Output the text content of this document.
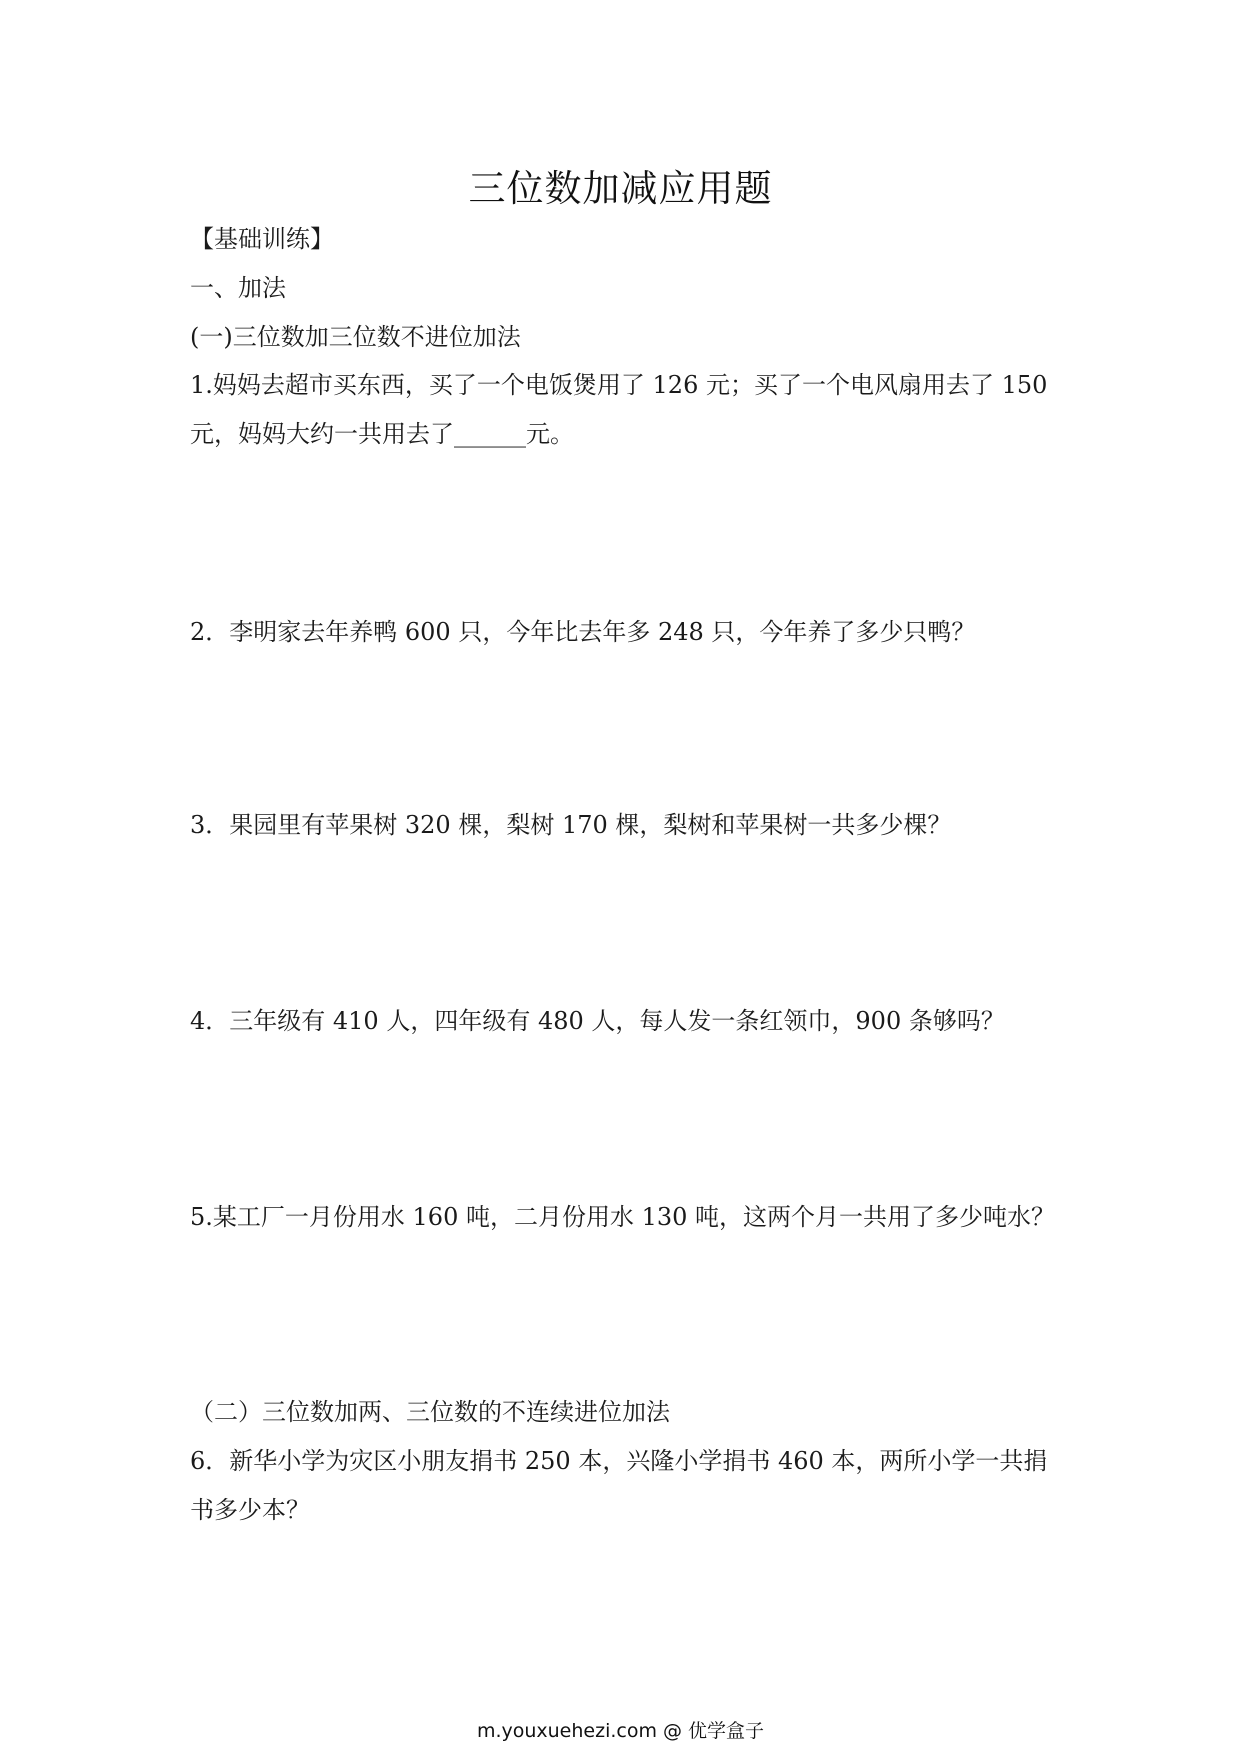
三位数加减应用题
【基础训练】
一、加法
(一)三位数加三位数不进位加法
1.妈妈去超市买东西，买了一个电饭煲用了 126 元；买了一个电风扇用去了 150
元，妈妈大约一共用去了______元。
2．李明家去年养鸭 600 只，今年比去年多 248 只，今年养了多少只鸭？
3．果园里有苹果树 320 棵，梨树 170 棵，梨树和苹果树一共多少棵？
4．三年级有 410 人，四年级有 480 人，每人发一条红领巾，900 条够吗？
5.某工厂一月份用水 160 吨，二月份用水 130 吨，这两个月一共用了多少吨水？
（二）三位数加两、三位数的不连续进位加法
6．新华小学为灾区小朋友捐书 250 本，兴隆小学捐书 460 本，两所小学一共捐
书多少本？
m.youxuehezi.com @ 优学盒子
